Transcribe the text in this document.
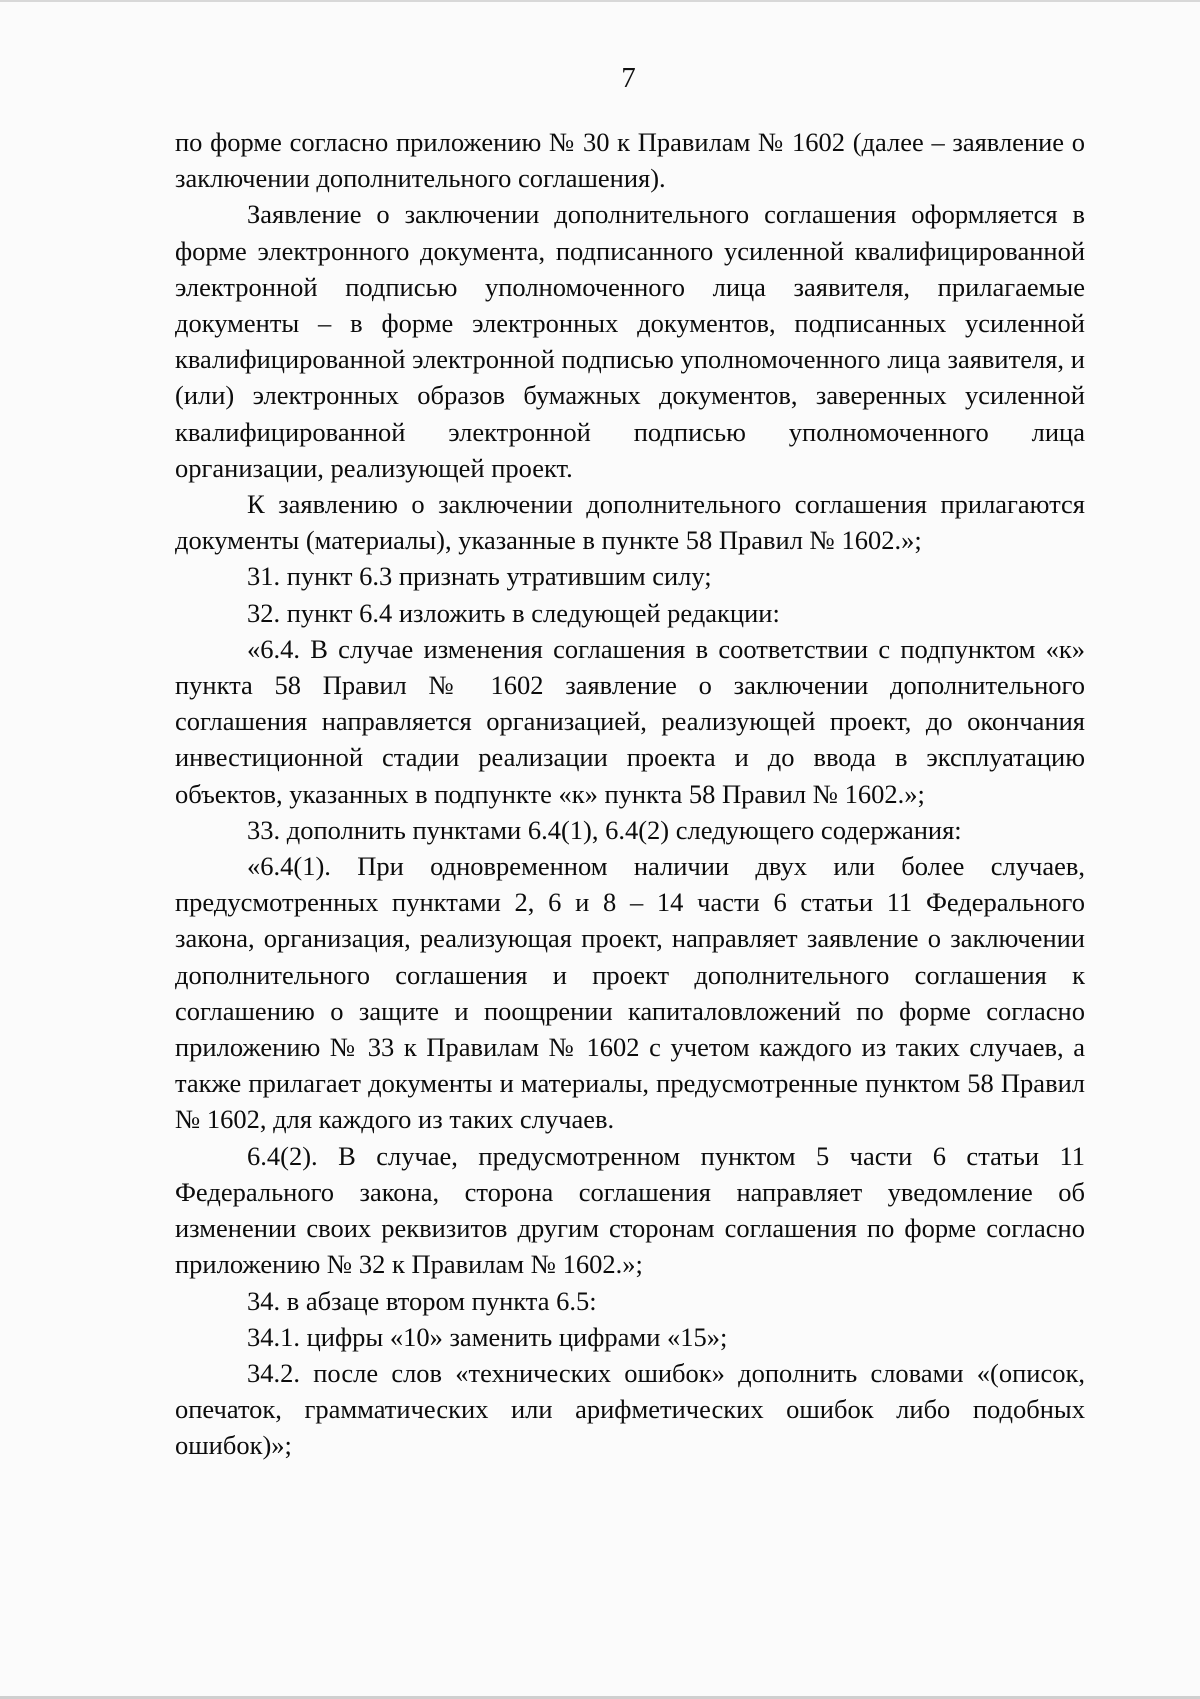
7

по форме согласно приложению № 30 к Правилам № 1602 (далее – заявление о заключении дополнительного соглашения).

Заявление о заключении дополнительного соглашения оформляется в форме электронного документа, подписанного усиленной квалифицированной электронной подписью уполномоченного лица заявителя, прилагаемые документы – в форме электронных документов, подписанных усиленной квалифицированной электронной подписью уполномоченного лица заявителя, и (или) электронных образов бумажных документов, заверенных усиленной квалифицированной электронной подписью уполномоченного лица организации, реализующей проект.

К заявлению о заключении дополнительного соглашения прилагаются документы (материалы), указанные в пункте 58 Правил № 1602.»;

31. пункт 6.3 признать утратившим силу;

32. пункт 6.4 изложить в следующей редакции:

«6.4. В случае изменения соглашения в соответствии с подпунктом «к» пункта 58 Правил № 1602 заявление о заключении дополнительного соглашения направляется организацией, реализующей проект, до окончания инвестиционной стадии реализации проекта и до ввода в эксплуатацию объектов, указанных в подпункте «к» пункта 58 Правил № 1602.»;

33. дополнить пунктами 6.4(1), 6.4(2) следующего содержания:

«6.4(1). При одновременном наличии двух или более случаев, предусмотренных пунктами 2, 6 и 8 – 14 части 6 статьи 11 Федерального закона, организация, реализующая проект, направляет заявление о заключении дополнительного соглашения и проект дополнительного соглашения к соглашению о защите и поощрении капиталовложений по форме согласно приложению № 33 к Правилам № 1602 с учетом каждого из таких случаев, а также прилагает документы и материалы, предусмотренные пунктом 58 Правил № 1602, для каждого из таких случаев.

6.4(2). В случае, предусмотренном пунктом 5 части 6 статьи 11 Федерального закона, сторона соглашения направляет уведомление об изменении своих реквизитов другим сторонам соглашения по форме согласно приложению № 32 к Правилам № 1602.»;

34. в абзаце втором пункта 6.5:

34.1. цифры «10» заменить цифрами «15»;

34.2. после слов «технических ошибок» дополнить словами «(описок, опечаток, грамматических или арифметических ошибок либо подобных ошибок)»;
